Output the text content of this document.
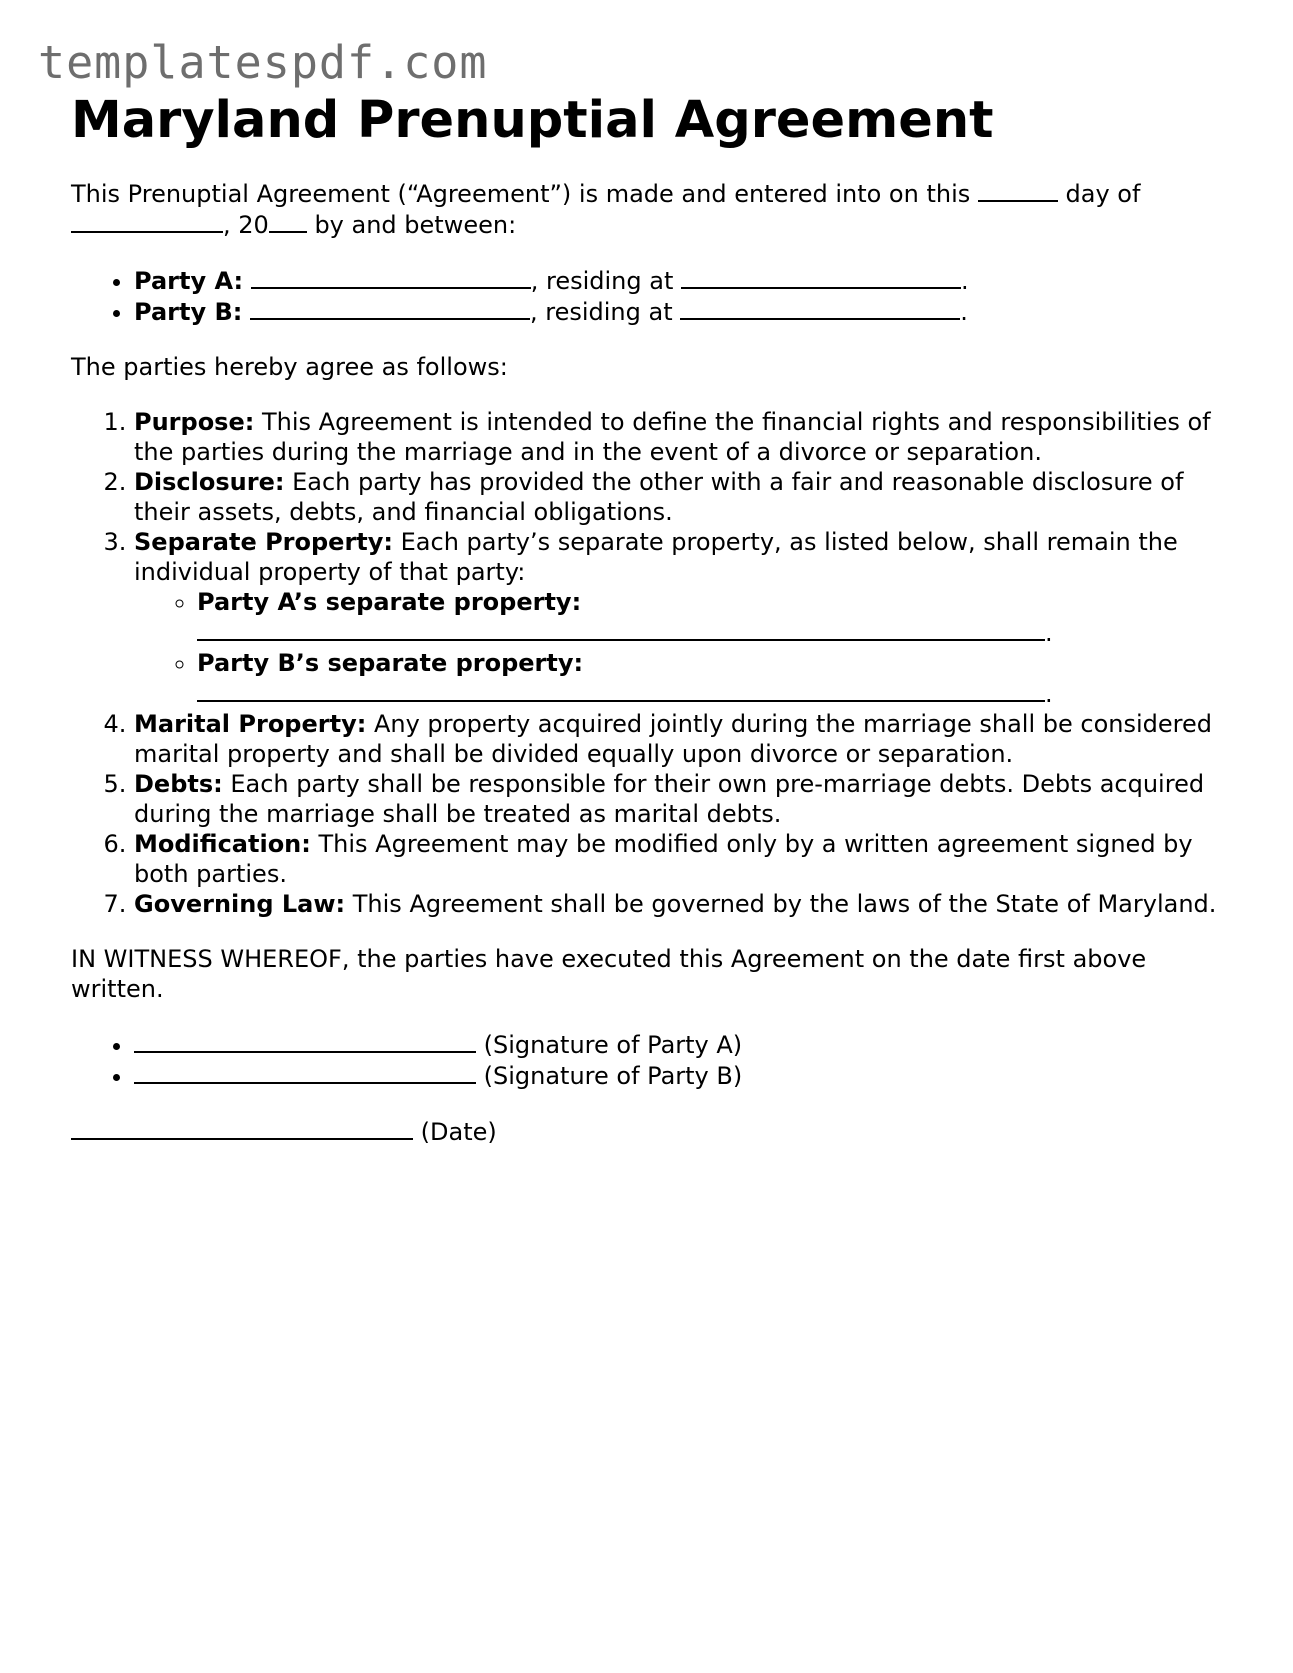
templatespdf.com
Maryland Prenuptial Agreement

This Prenuptial Agreement (“Agreement”) is made and entered into on this	day of
, 20 by and between:

• Party A:	, residing at	.
• Party B:	, residing at	.

The parties hereby agree as follows:

1. Purpose: This Agreement is intended to define the financial rights and responsibilities of the parties during the marriage and in the event of a divorce or separation.
2. Disclosure: Each party has provided the other with a fair and reasonable disclosure of their assets, debts, and financial obligations.
3. Separate Property: Each party’s separate property, as listed below, shall remain the individual property of that party:
◦ Party A’s separate property:
.
◦ Party B’s separate property:
.
4. Marital Property: Any property acquired jointly during the marriage shall be considered marital property and shall be divided equally upon divorce or separation.
5. Debts: Each party shall be responsible for their own pre-marriage debts. Debts acquired during the marriage shall be treated as marital debts.
6. Modification: This Agreement may be modified only by a written agreement signed by both parties.
7. Governing Law: This Agreement shall be governed by the laws of the State of Maryland.

IN WITNESS WHEREOF, the parties have executed this Agreement on the date first above written.

• (Signature of Party A)
• (Signature of Party B)

(Date)
